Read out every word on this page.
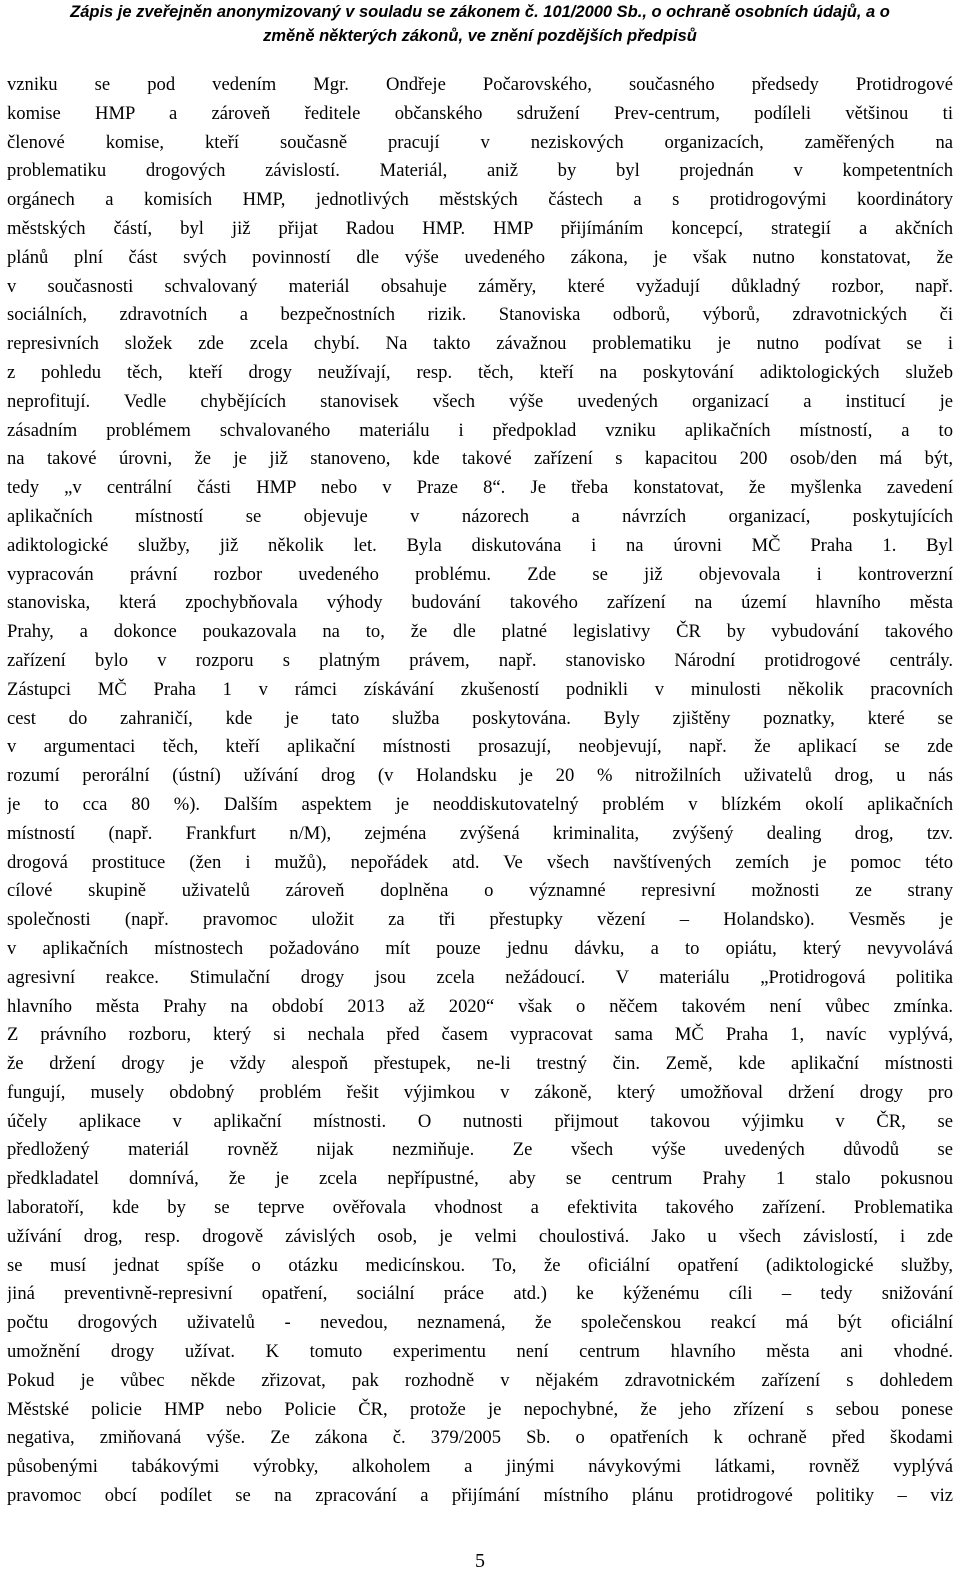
Zápis je zveřejněn anonymizovaný v souladu se zákonem č. 101/2000 Sb., o ochraně osobních údajů, a o
změně některých zákonů, ve znění pozdějších předpisů
vzniku se pod vedením Mgr. Ondřeje Počarovského, současného předsedy Protidrogové
komise HMP a zároveň ředitele občanského sdružení Prev-centrum, podíleli většinou ti
členové komise, kteří současně pracují v neziskových organizacích, zaměřených na
problematiku drogových závislostí. Materiál, aniž by byl projednán v kompetentních
orgánech a komisích HMP, jednotlivých městských částech a s protidrogovými koordinátory
městských částí, byl již přijat Radou HMP. HMP přijímáním koncepcí, strategií a akčních
plánů plní část svých povinností dle výše uvedeného zákona, je však nutno konstatovat, že
v současnosti schvalovaný materiál obsahuje záměry, které vyžadují důkladný rozbor, např.
sociálních, zdravotních a bezpečnostních rizik. Stanoviska odborů, výborů, zdravotnických či
represivních složek zde zcela chybí. Na takto závažnou problematiku je nutno podívat se i
z pohledu těch, kteří drogy neužívají, resp. těch, kteří na poskytování adiktologických služeb
neprofitují. Vedle chybějících stanovisek všech výše uvedených organizací a institucí je
zásadním problémem schvalovaného materiálu i předpoklad vzniku aplikačních místností, a to
na takové úrovni, že je již stanoveno, kde takové zařízení s kapacitou 200 osob/den má být,
tedy „v centrální části HMP nebo v Praze 8“. Je třeba konstatovat, že myšlenka zavedení
aplikačních místností se objevuje v názorech a návrzích organizací, poskytujících
adiktologické služby, již několik let. Byla diskutována i na úrovni MČ Praha 1. Byl
vypracován právní rozbor uvedeného problému. Zde se již objevovala i kontroverzní
stanoviska, která zpochybňovala výhody budování takového zařízení na území hlavního města
Prahy, a dokonce poukazovala na to, že dle platné legislativy ČR by vybudování takového
zařízení bylo v rozporu s platným právem, např. stanovisko Národní protidrogové centrály.
Zástupci MČ Praha 1 v rámci získávání zkušeností podnikli v minulosti několik pracovních
cest do zahraničí, kde je tato služba poskytována. Byly zjištěny poznatky, které se
v argumentaci těch, kteří aplikační místnosti prosazují, neobjevují, např. že aplikací se zde
rozumí perorální (ústní) užívání drog (v Holandsku je 20 % nitrožilních uživatelů drog, u nás
je to cca 80 %). Dalším aspektem je neoddiskutovatelný problém v blízkém okolí aplikačních
místností (např. Frankfurt n/M), zejména zvýšená kriminalita, zvýšený dealing drog, tzv.
drogová prostituce (žen i mužů), nepořádek atd. Ve všech navštívených zemích je pomoc této
cílové skupině uživatelů zároveň doplněna o významné represivní možnosti ze strany
společnosti (např. pravomoc uložit za tři přestupky vězení – Holandsko). Vesměs je
v aplikačních místnostech požadováno mít pouze jednu dávku, a to opiátu, který nevyvolává
agresivní reakce. Stimulační drogy jsou zcela nežádoucí. V materiálu „Protidrogová politika
hlavního města Prahy na období 2013 až 2020“ však o něčem takovém není vůbec zmínka.
Z právního rozboru, který si nechala před časem vypracovat sama MČ Praha 1, navíc vyplývá,
že držení drogy je vždy alespoň přestupek, ne-li trestný čin. Země, kde aplikační místnosti
fungují, musely obdobný problém řešit výjimkou v zákoně, který umožňoval držení drogy pro
účely aplikace v aplikační místnosti. O nutnosti přijmout takovou výjimku v ČR, se
předložený materiál rovněž nijak nezmiňuje. Ze všech výše uvedených důvodů se
předkladatel domnívá, že je zcela nepřípustné, aby se centrum Prahy 1 stalo pokusnou
laboratoří, kde by se teprve ověřovala vhodnost a efektivita takového zařízení. Problematika
užívání drog, resp. drogově závislých osob, je velmi choulostivá. Jako u všech závislostí, i zde
se musí jednat spíše o otázku medicínskou. To, že oficiální opatření (adiktologické služby,
jiná preventivně-represivní opatření, sociální práce atd.) ke kýženému cíli – tedy snižování
počtu drogových uživatelů - nevedou, neznamená, že společenskou reakcí má být oficiální
umožnění drogy užívat. K tomuto experimentu není centrum hlavního města ani vhodné.
Pokud je vůbec někde zřizovat, pak rozhodně v nějakém zdravotnickém zařízení s dohledem
Městské policie HMP nebo Policie ČR, protože je nepochybné, že jeho zřízení s sebou ponese
negativa, zmiňovaná výše. Ze zákona č. 379/2005 Sb. o opatřeních k ochraně před škodami
působenými tabákovými výrobky, alkoholem a jinými návykovými látkami, rovněž vyplývá
pravomoc obcí podílet se na zpracování a přijímání místního plánu protidrogové politiky – viz
5
